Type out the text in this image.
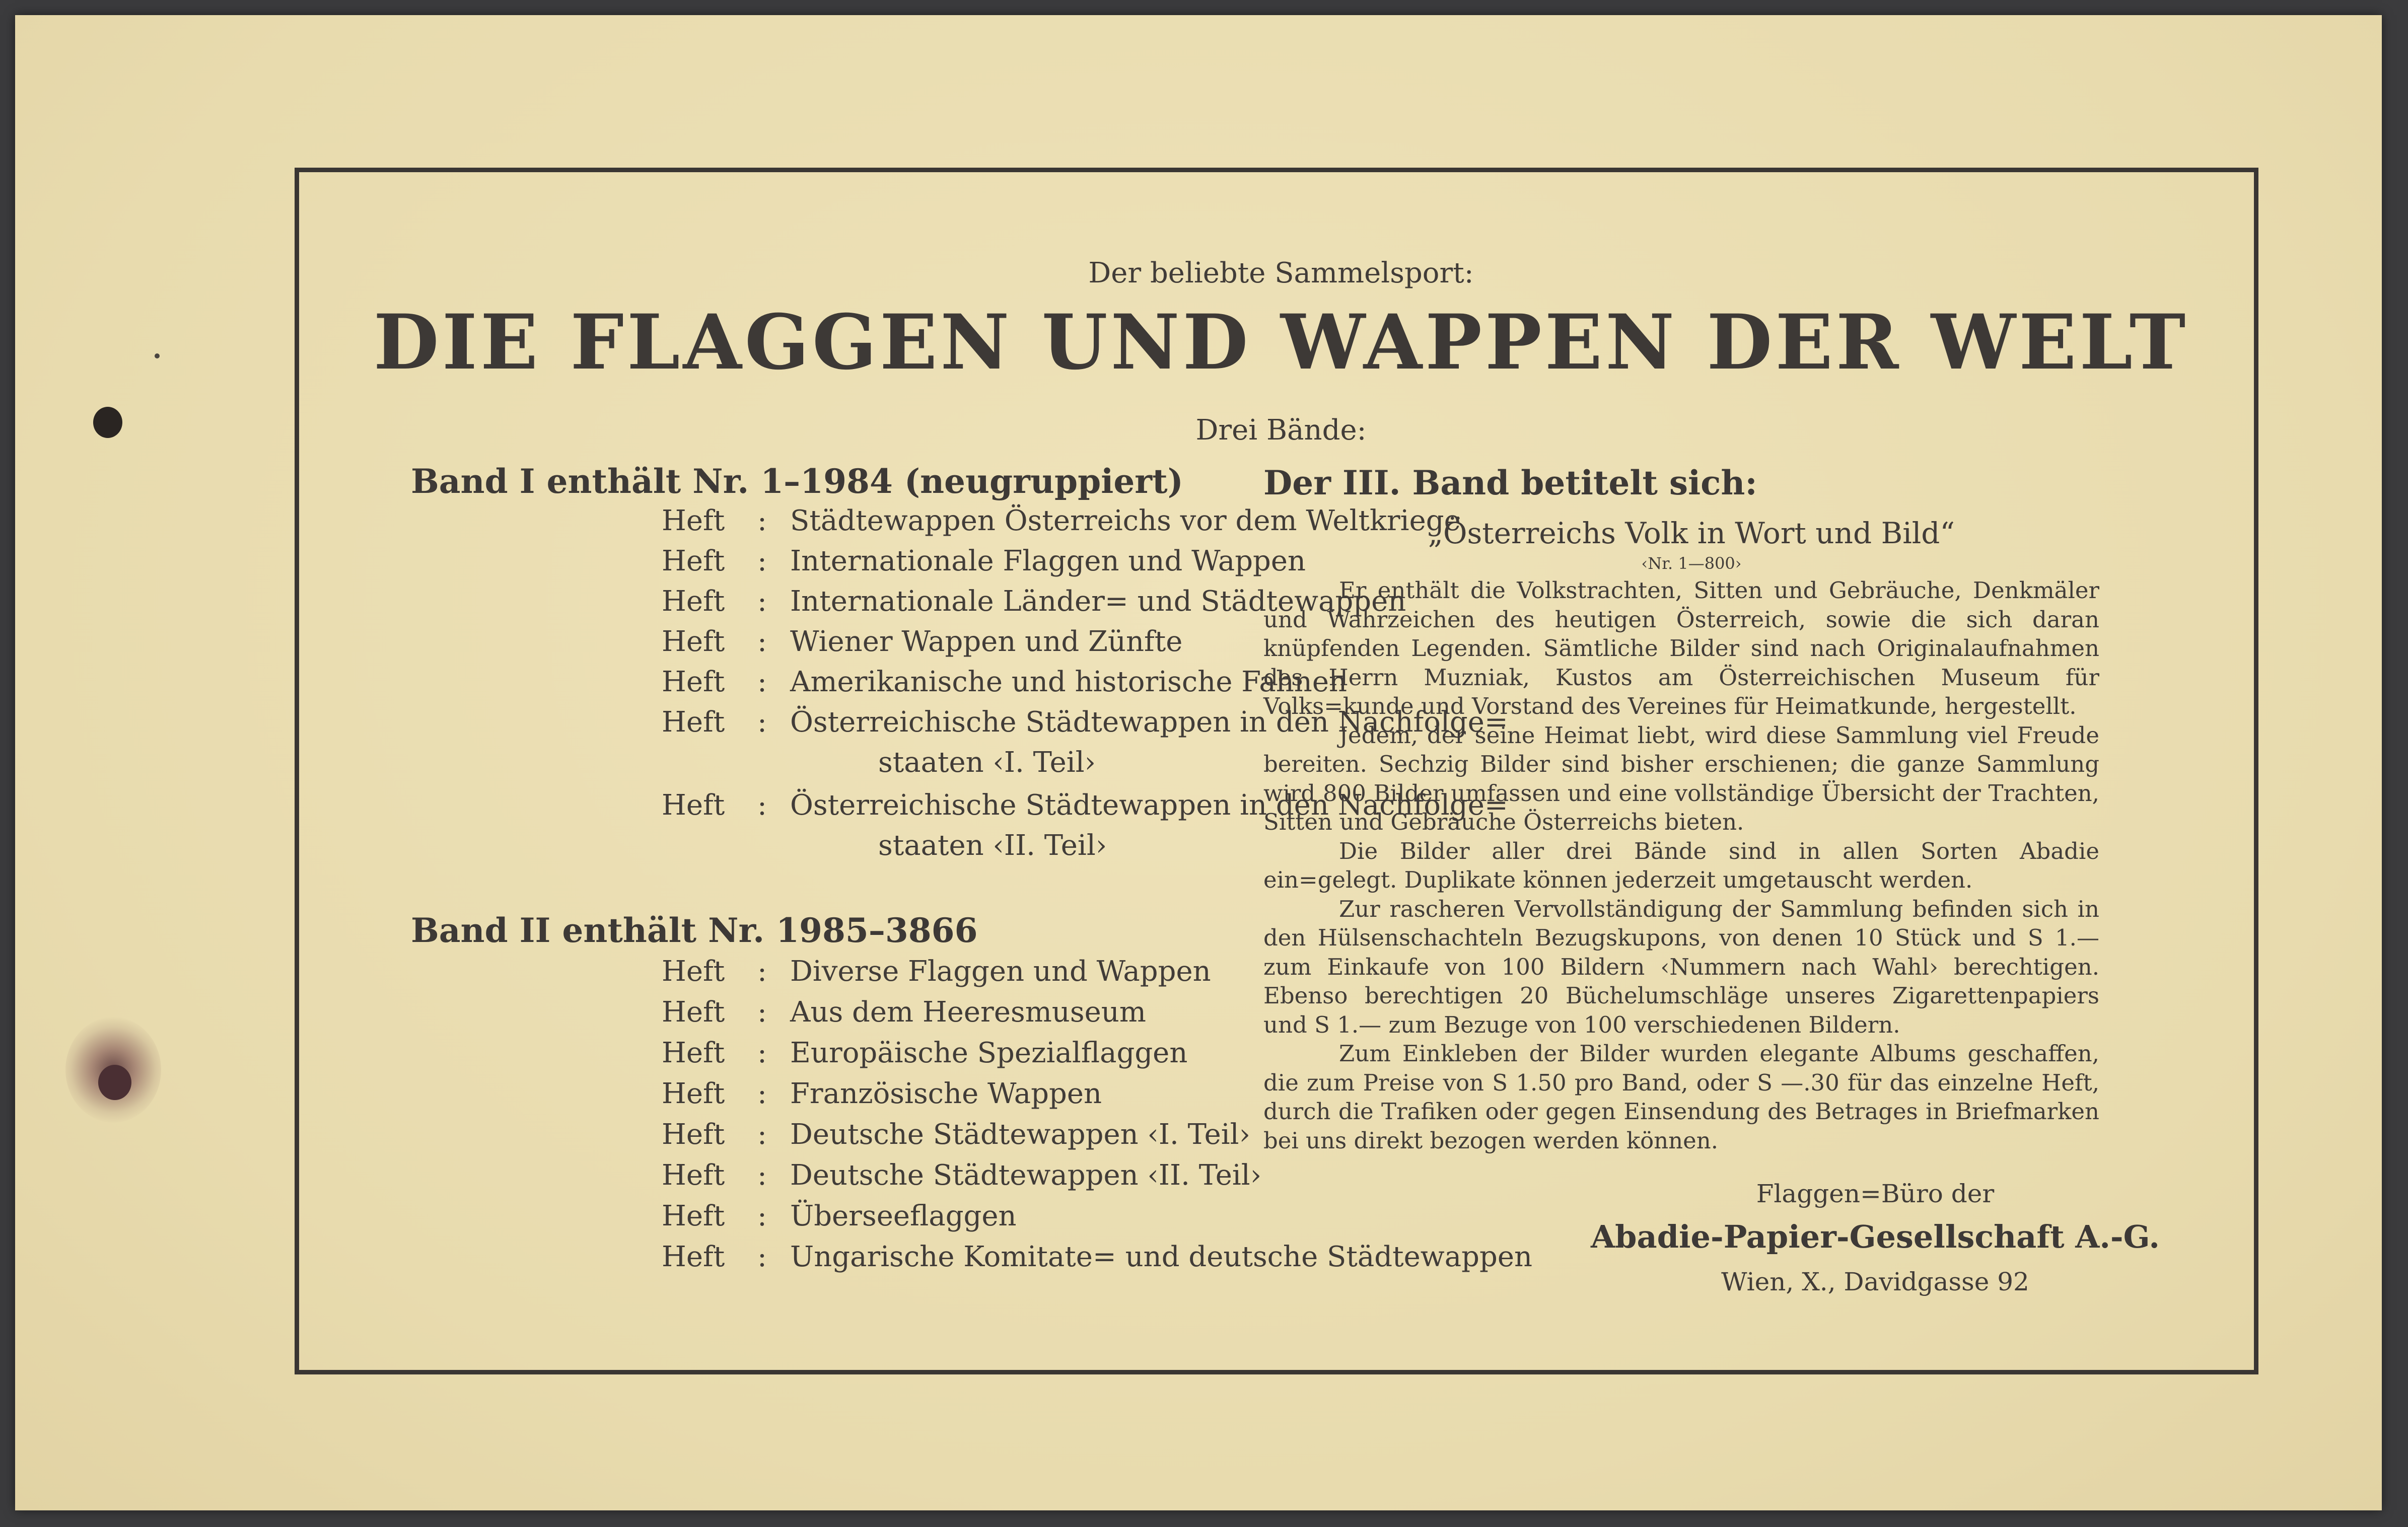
Der beliebte Sammelsport:
DIE FLAGGEN UND WAPPEN DER WELT
Drei Bände:
Band I enthält Nr. 1–1984 (neugruppiert)
Heft : Städtewappen Österreichs vor dem Weltkriege
Heft : Internationale Flaggen und Wappen
Heft : Internationale Länder= und Städtewappen
Heft : Wiener Wappen und Zünfte
Heft : Amerikanische und historische Fahnen
Heft : Österreichische Städtewappen in den Nachfolge=
staaten ‹I. Teil›
Heft : Österreichische Städtewappen in den Nachfolge=
staaten ‹II. Teil›
Band II enthält Nr. 1985–3866
Heft : Diverse Flaggen und Wappen
Heft : Aus dem Heeresmuseum
Heft : Europäische Spezialflaggen
Heft : Französische Wappen
Heft : Deutsche Städtewappen ‹I. Teil›
Heft : Deutsche Städtewappen ‹II. Teil›
Heft : Überseeflaggen
Heft : Ungarische Komitate= und deutsche Städtewappen
Der III. Band betitelt sich:
„Österreichs Volk in Wort und Bild“
‹Nr. 1—800›

Er enthält die Volkstrachten, Sitten und Gebräuche, Denkmäler und Wahrzeichen des heutigen Österreich, sowie die sich daran knüpfenden Legenden. Sämtliche Bilder sind nach Originalaufnahmen des Herrn Muzniak, Kustos am Österreichischen Museum für Volks=kunde und Vorstand des Vereines für Heimatkunde, hergestellt.

Jedem, der seine Heimat liebt, wird diese Sammlung viel Freude bereiten. Sechzig Bilder sind bisher erschienen; die ganze Sammlung wird 800 Bilder umfassen und eine vollständige Übersicht der Trachten, Sitten und Gebräuche Österreichs bieten.

Die Bilder aller drei Bände sind in allen Sorten Abadie ein=gelegt. Duplikate können jederzeit umgetauscht werden.

Zur rascheren Vervollständigung der Sammlung befinden sich in den Hülsenschachteln Bezugskupons, von denen 10 Stück und S 1.— zum Einkaufe von 100 Bildern ‹Nummern nach Wahl› berechtigen. Ebenso berechtigen 20 Büchelumschläge unseres Zigarettenpapiers und S 1.— zum Bezuge von 100 verschiedenen Bildern.

Zum Einkleben der Bilder wurden elegante Albums geschaffen, die zum Preise von S 1.50 pro Band, oder S —.30 für das einzelne Heft, durch die Trafiken oder gegen Einsendung des Betrages in Briefmarken bei uns direkt bezogen werden können.

Flaggen=Büro der
Abadie-Papier-Gesellschaft A.-G.
Wien, X., Davidgasse 92
